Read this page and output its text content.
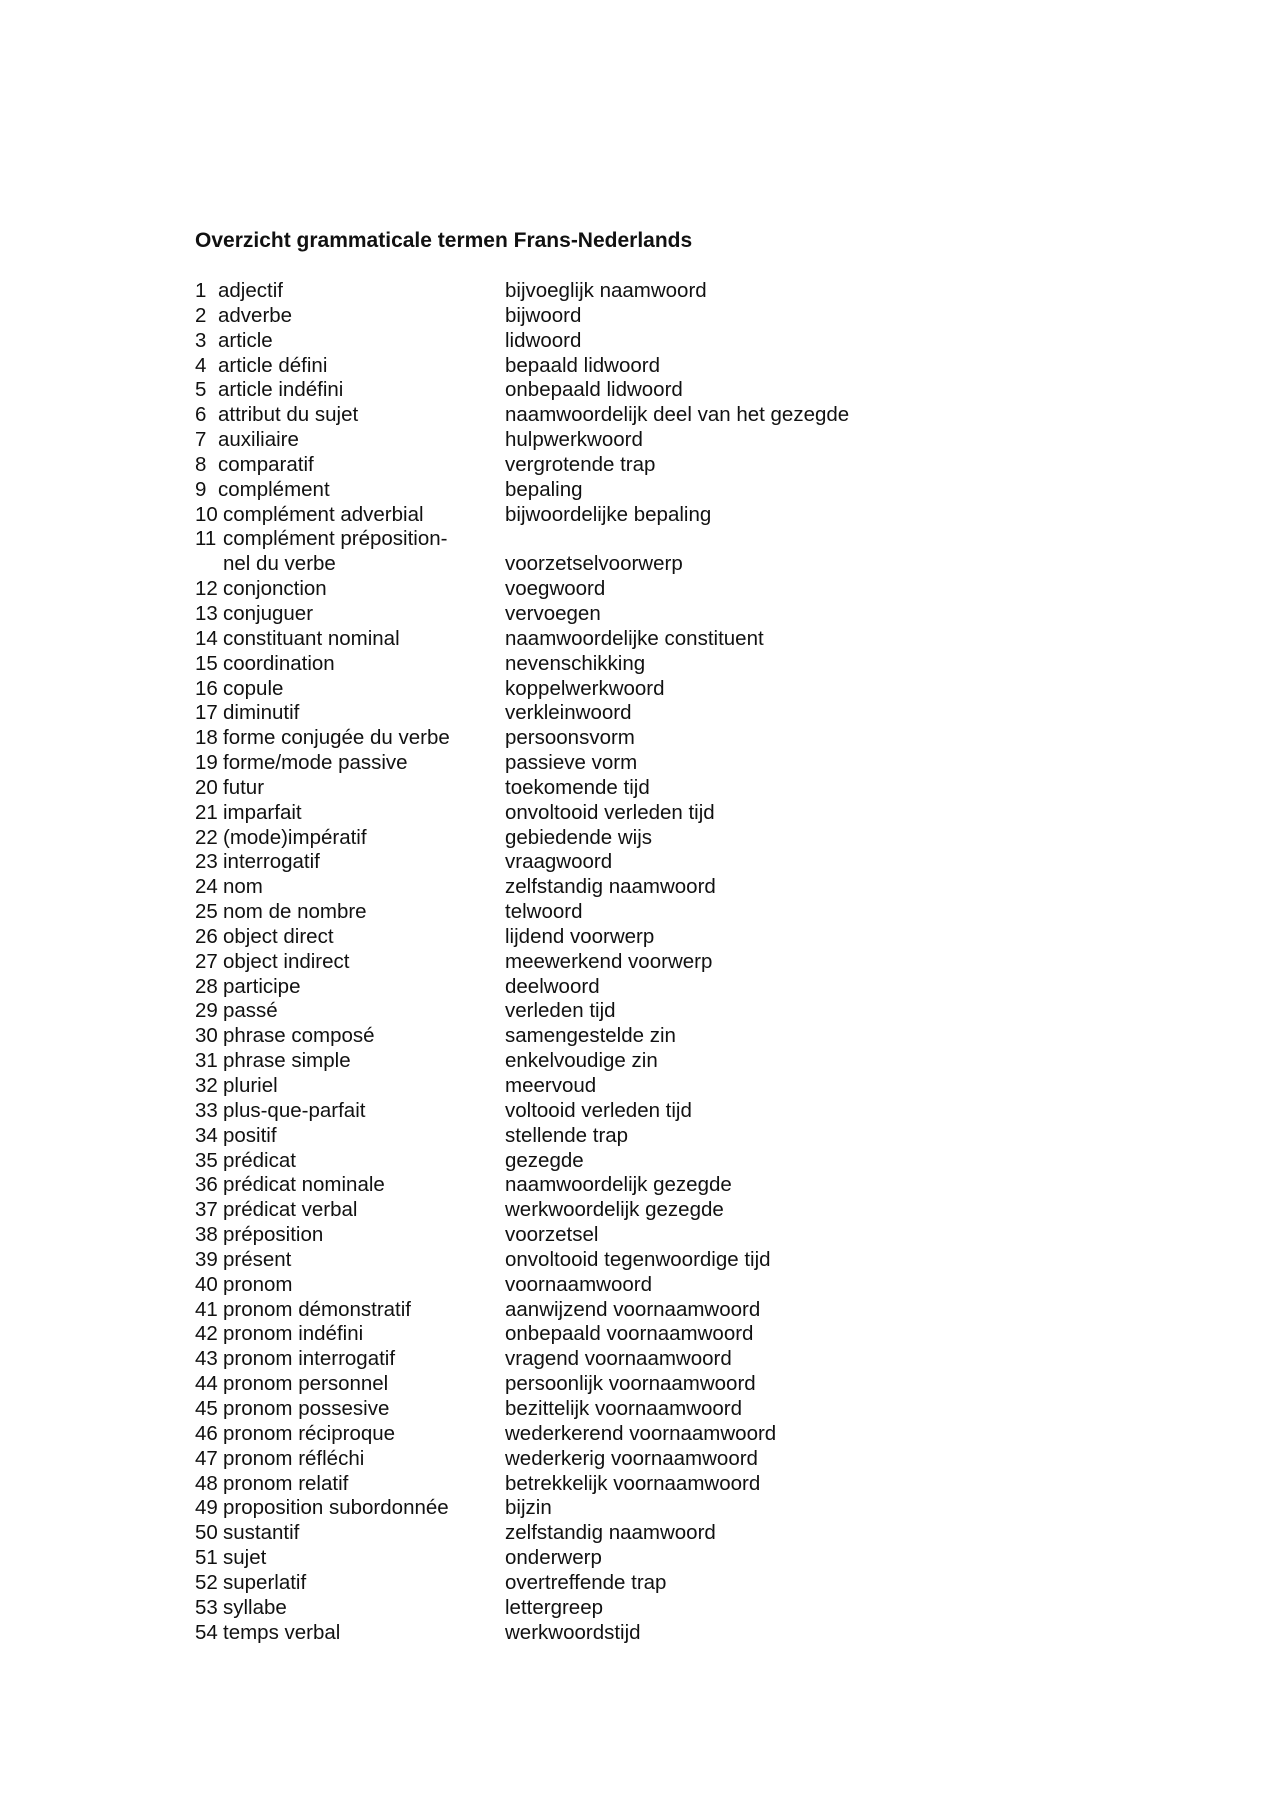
Overzicht grammaticale termen Frans-Nederlands
1 adjectif	bijvoeglijk naamwoord
2 adverbe	bijwoord
3 article	lidwoord
4 article défini	bepaald lidwoord
5 article indéfini	onbepaald lidwoord
6 attribut du sujet	naamwoordelijk deel van het gezegde
7 auxiliaire	hulpwerkwoord
8 comparatif	vergrotende trap
9 complément	bepaling
10 complément adverbial	bijwoordelijke bepaling
11 complément préposition-
nel du verbe	voorzetselvoorwerp
12 conjonction	voegwoord
13 conjuguer	vervoegen
14 constituant nominal	naamwoordelijke constituent
15 coordination	nevenschikking
16 copule	koppelwerkwoord
17 diminutif	verkleinwoord
18 forme conjugée du verbe	persoonsvorm
19 forme/mode passive	passieve vorm
20 futur	toekomende tijd
21 imparfait	onvoltooid verleden tijd
22 (mode)impératif	gebiedende wijs
23 interrogatif	vraagwoord
24 nom	zelfstandig naamwoord
25 nom de nombre	telwoord
26 object direct	lijdend voorwerp
27 object indirect	meewerkend voorwerp
28 participe	deelwoord
29 passé	verleden tijd
30 phrase composé	samengestelde zin
31 phrase simple	enkelvoudige zin
32 pluriel	meervoud
33 plus-que-parfait	voltooid verleden tijd
34 positif	stellende trap
35 prédicat	gezegde
36 prédicat nominale	naamwoordelijk gezegde
37 prédicat verbal	werkwoordelijk gezegde
38 préposition	voorzetsel
39 présent	onvoltooid tegenwoordige tijd
40 pronom	voornaamwoord
41 pronom démonstratif	aanwijzend voornaamwoord
42 pronom indéfini	onbepaald voornaamwoord
43 pronom interrogatif	vragend voornaamwoord
44 pronom personnel	persoonlijk voornaamwoord
45 pronom possesive	bezittelijk voornaamwoord
46 pronom réciproque	wederkerend voornaamwoord
47 pronom réfléchi	wederkerig voornaamwoord
48 pronom relatif	betrekkelijk voornaamwoord
49 proposition subordonnée	bijzin
50 sustantif	zelfstandig naamwoord
51 sujet	onderwerp
52 superlatif	overtreffende trap
53 syllabe	lettergreep
54 temps verbal	werkwoordstijd
